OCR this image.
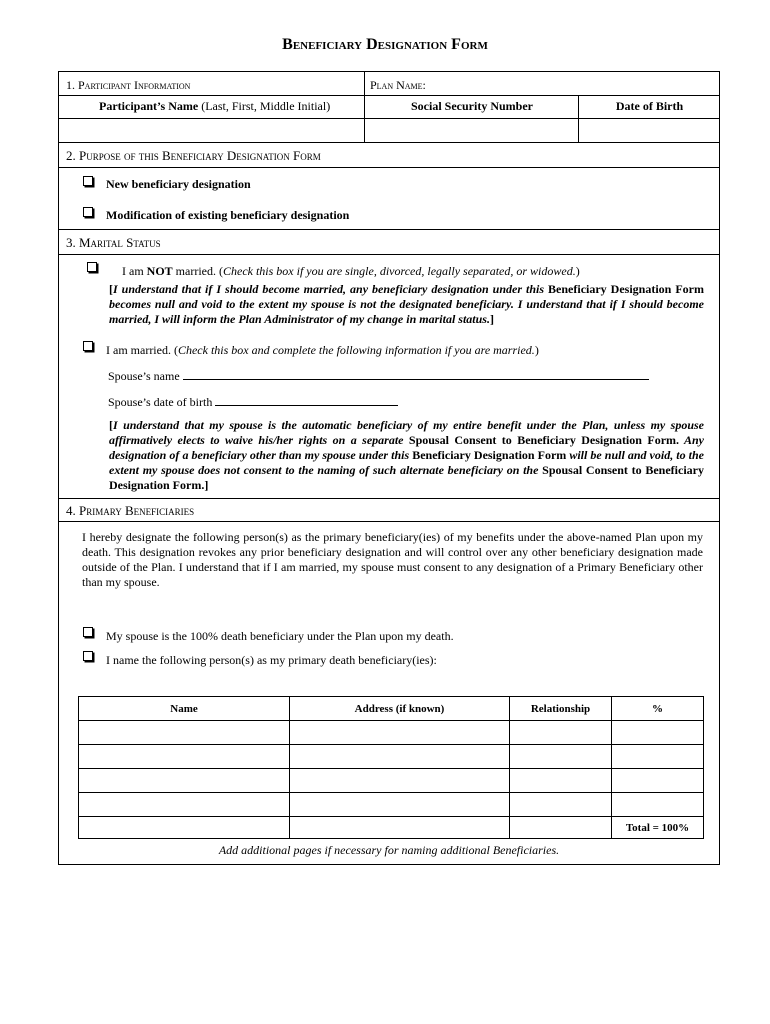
Beneficiary Designation Form
1. Participant Information	Plan Name:
Participant’s Name (Last, First, Middle Initial)	Social Security Number	Date of Birth
2. Purpose of this Beneficiary Designation Form
New beneficiary designation
Modification of existing beneficiary designation
3. Marital Status
I am NOT married. (Check this box if you are single, divorced, legally separated, or widowed.)
[I understand that if I should become married, any beneficiary designation under this Beneficiary Designation Form becomes null and void to the extent my spouse is not the designated beneficiary. I understand that if I should become married, I will inform the Plan Administrator of my change in marital status.]
I am married. (Check this box and complete the following information if you are married.)
Spouse’s name
Spouse’s date of birth
[I understand that my spouse is the automatic beneficiary of my entire benefit under the Plan, unless my spouse affirmatively elects to waive his/her rights on a separate Spousal Consent to Beneficiary Designation Form. Any designation of a beneficiary other than my spouse under this Beneficiary Designation Form will be null and void, to the extent my spouse does not consent to the naming of such alternate beneficiary on the Spousal Consent to Beneficiary Designation Form.]
4. Primary Beneficiaries
I hereby designate the following person(s) as the primary beneficiary(ies) of my benefits under the above-named Plan upon my death. This designation revokes any prior beneficiary designation and will control over any other beneficiary designation made outside of the Plan. I understand that if I am married, my spouse must consent to any designation of a Primary Beneficiary other than my spouse.
My spouse is the 100% death beneficiary under the Plan upon my death.
I name the following person(s) as my primary death beneficiary(ies):
Name	Address (if known)	Relationship	%

			Total = 100%
Add additional pages if necessary for naming additional Beneficiaries.
